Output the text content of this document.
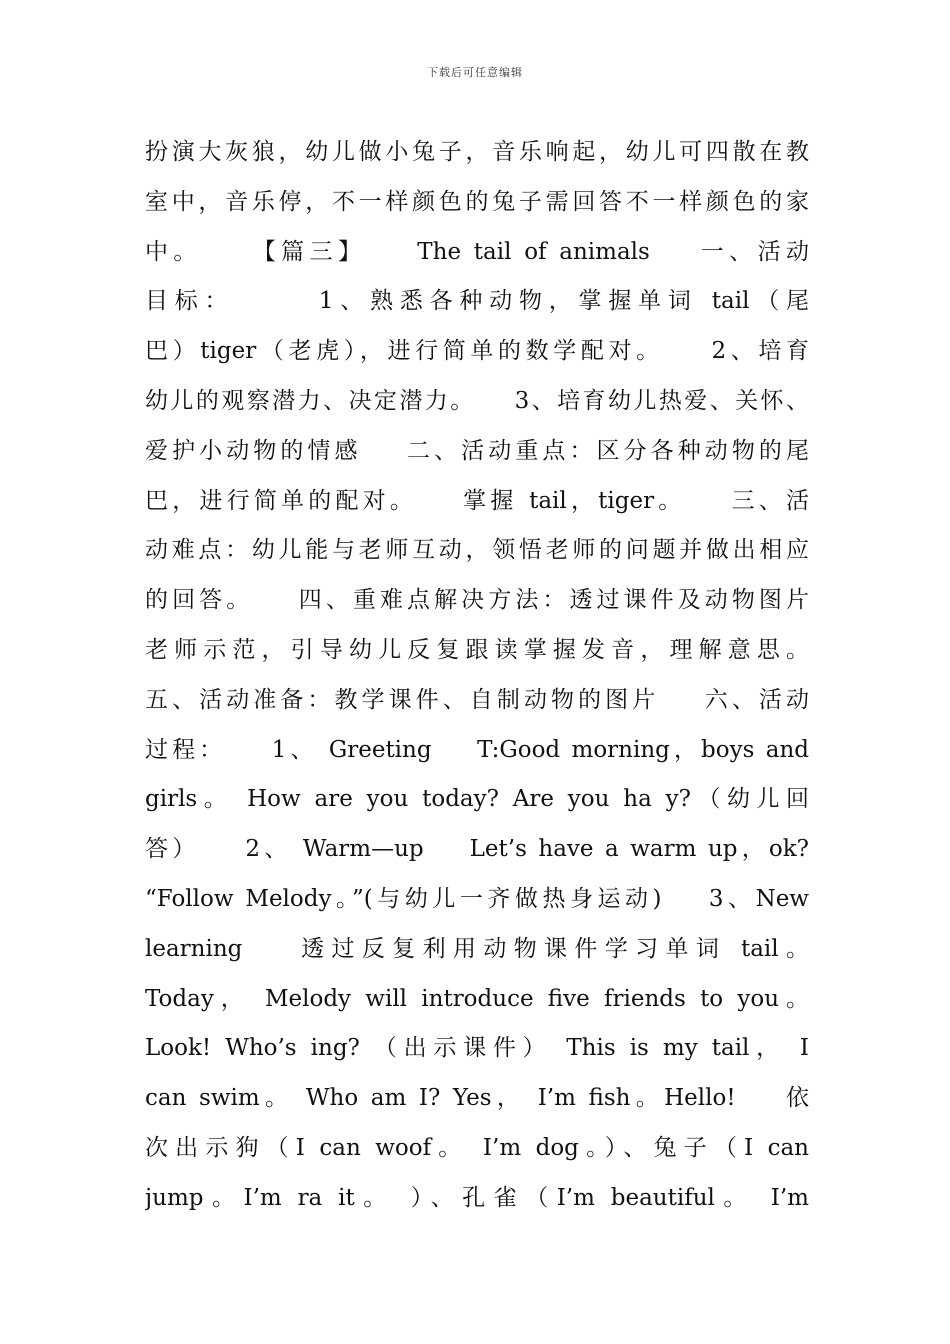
下载后可任意编辑
扮演大灰狼，幼儿做小兔子，音乐响起，幼儿可四散在教
室中，音乐停，不一样颜色的兔子需回答不一样颜色的家
中。    【篇三】    The tail of animals    一、活动
目标：      1、熟悉各种动物，掌握单词 tail（尾
巴）tiger（老虎），进行简单的数学配对。    2、培育
幼儿的观察潜力、决定潜力。    3、培育幼儿热爱、关怀、
爱护小动物的情感    二、活动重点：区分各种动物的尾
巴，进行简单的配对。    掌握 tail，tiger。    三、活
动难点：幼儿能与老师互动，领悟老师的问题并做出相应
的回答。    四、重难点解决方法：透过课件及动物图片
老师示范，引导幼儿反复跟读掌握发音，理解意思。
五、活动准备：教学课件、自制动物的图片    六、活动
过程：    1、 Greeting    T:Good morning，boys and
girls。 How are you today? Are you ha y?（幼儿回
答）    2、 Warm—up    Let’s have a warm up，ok?
“Follow Melody。”(与幼儿一齐做热身运动)    3、New
learning    透过反复利用动物课件学习单词 tail。
Today， Melody will introduce five friends to you。
Look! Who’s ing? （出示课件） This is my tail， I
can swim。 Who am I? Yes， I’m fish。Hello!    依
次出示狗（I can woof。 I’m dog。）、兔子（I can
jump。I’m ra it。 ）、孔雀（I’m beautiful。 I’m
